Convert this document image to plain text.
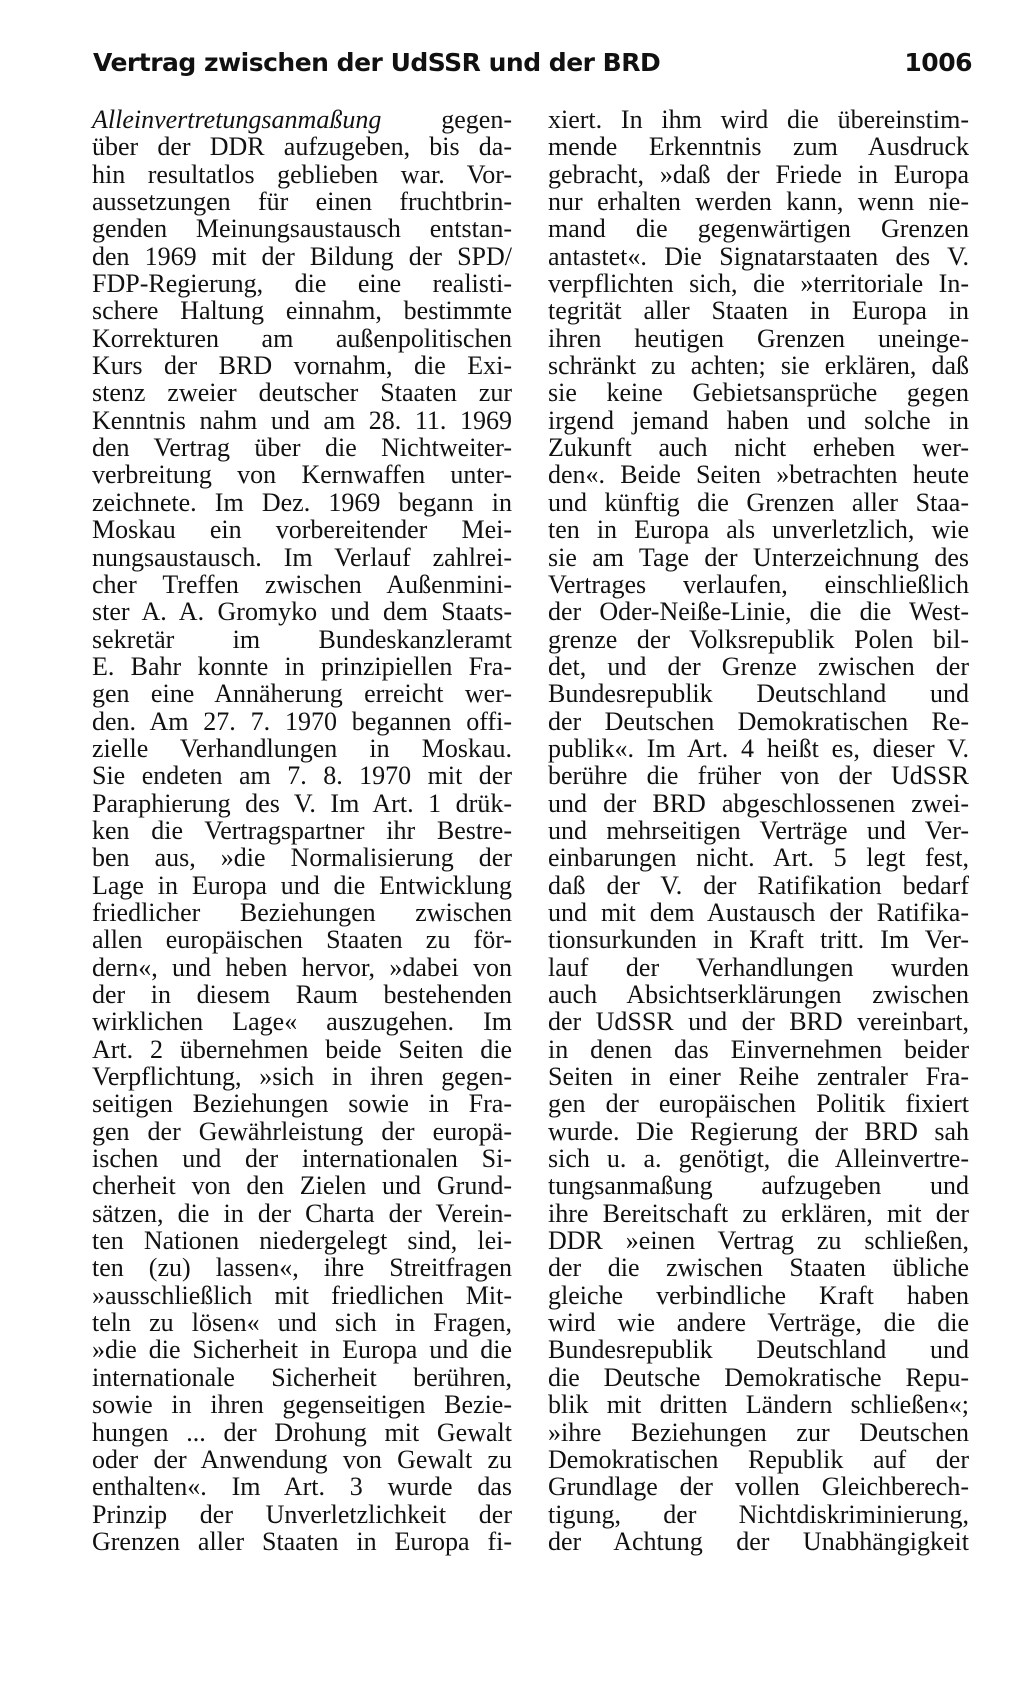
Vertrag zwischen der UdSSR und der BRD	1006
Alleinvertretungsanmaßung gegen-
über der DDR aufzugeben, bis da-
hin resultatlos geblieben war. Vor-
aussetzungen für einen fruchtbrin-
genden Meinungsaustausch entstan-
den 1969 mit der Bildung der SPD/
FDP-Regierung, die eine realisti-
schere Haltung einnahm, bestimmte
Korrekturen am außenpolitischen
Kurs der BRD vornahm, die Exi-
stenz zweier deutscher Staaten zur
Kenntnis nahm und am 28. 11. 1969
den Vertrag über die Nichtweiter-
verbreitung von Kernwaffen unter-
zeichnete. Im Dez. 1969 begann in
Moskau ein vorbereitender Mei-
nungsaustausch. Im Verlauf zahlrei-
cher Treffen zwischen Außenmini-
ster A. A. Gromyko und dem Staats-
sekretär im Bundeskanzleramt
E. Bahr konnte in prinzipiellen Fra-
gen eine Annäherung erreicht wer-
den. Am 27. 7. 1970 begannen offi-
zielle Verhandlungen in Moskau.
Sie endeten am 7. 8. 1970 mit der
Paraphierung des V. Im Art. 1 drük-
ken die Vertragspartner ihr Bestre-
ben aus, »die Normalisierung der
Lage in Europa und die Entwicklung
friedlicher Beziehungen zwischen
allen europäischen Staaten zu för-
dern«, und heben hervor, »dabei von
der in diesem Raum bestehenden
wirklichen Lage« auszugehen. Im
Art. 2 übernehmen beide Seiten die
Verpflichtung, »sich in ihren gegen-
seitigen Beziehungen sowie in Fra-
gen der Gewährleistung der europä-
ischen und der internationalen Si-
cherheit von den Zielen und Grund-
sätzen, die in der Charta der Verein-
ten Nationen niedergelegt sind, lei-
ten (zu) lassen«, ihre Streitfragen
»ausschließlich mit friedlichen Mit-
teln zu lösen« und sich in Fragen,
»die die Sicherheit in Europa und die
internationale Sicherheit berühren,
sowie in ihren gegenseitigen Bezie-
hungen ... der Drohung mit Gewalt
oder der Anwendung von Gewalt zu
enthalten«. Im Art. 3 wurde das
Prinzip der Unverletzlichkeit der
Grenzen aller Staaten in Europa fi-
xiert. In ihm wird die übereinstim-
mende Erkenntnis zum Ausdruck
gebracht, »daß der Friede in Europa
nur erhalten werden kann, wenn nie-
mand die gegenwärtigen Grenzen
antastet«. Die Signatarstaaten des V.
verpflichten sich, die »territoriale In-
tegrität aller Staaten in Europa in
ihren heutigen Grenzen uneinge-
schränkt zu achten; sie erklären, daß
sie keine Gebietsansprüche gegen
irgend jemand haben und solche in
Zukunft auch nicht erheben wer-
den«. Beide Seiten »betrachten heute
und künftig die Grenzen aller Staa-
ten in Europa als unverletzlich, wie
sie am Tage der Unterzeichnung des
Vertrages verlaufen, einschließlich
der Oder-Neiße-Linie, die die West-
grenze der Volksrepublik Polen bil-
det, und der Grenze zwischen der
Bundesrepublik Deutschland und
der Deutschen Demokratischen Re-
publik«. Im Art. 4 heißt es, dieser V.
berühre die früher von der UdSSR
und der BRD abgeschlossenen zwei-
und mehrseitigen Verträge und Ver-
einbarungen nicht. Art. 5 legt fest,
daß der V. der Ratifikation bedarf
und mit dem Austausch der Ratifika-
tionsurkunden in Kraft tritt. Im Ver-
lauf der Verhandlungen wurden
auch Absichtserklärungen zwischen
der UdSSR und der BRD vereinbart,
in denen das Einvernehmen beider
Seiten in einer Reihe zentraler Fra-
gen der europäischen Politik fixiert
wurde. Die Regierung der BRD sah
sich u. a. genötigt, die Alleinvertre-
tungsanmaßung aufzugeben und
ihre Bereitschaft zu erklären, mit der
DDR »einen Vertrag zu schließen,
der die zwischen Staaten übliche
gleiche verbindliche Kraft haben
wird wie andere Verträge, die die
Bundesrepublik Deutschland und
die Deutsche Demokratische Repu-
blik mit dritten Ländern schließen«;
»ihre Beziehungen zur Deutschen
Demokratischen Republik auf der
Grundlage der vollen Gleichberech-
tigung, der Nichtdiskriminierung,
der Achtung der Unabhängigkeit
